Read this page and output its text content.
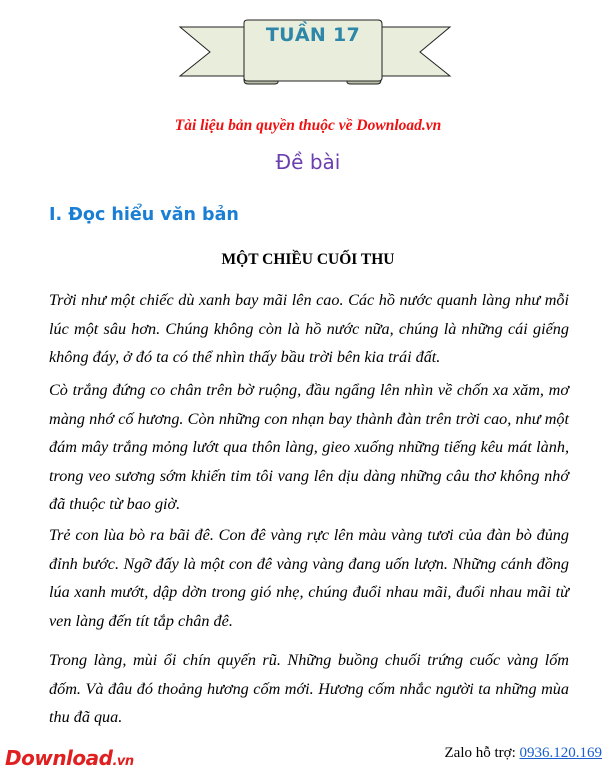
TUẦN 17
Tài liệu bản quyền thuộc về Download.vn
Đề bài
I. Đọc hiểu văn bản
MỘT CHIỀU CUỐI THU
Trời như một chiếc dù xanh bay mãi lên cao. Các hồ nước quanh làng như mỗi lúc một sâu hơn. Chúng không còn là hồ nước nữa, chúng là những cái giếng không đáy, ở đó ta có thể nhìn thấy bầu trời bên kia trái đất.
Cò trắng đứng co chân trên bờ ruộng, đầu ngẩng lên nhìn về chốn xa xăm, mơ màng nhớ cố hương. Còn những con nhạn bay thành đàn trên trời cao, như một đám mây trắng mỏng lướt qua thôn làng, gieo xuống những tiếng kêu mát lành, trong veo sương sớm khiến tim tôi vang lên dịu dàng những câu thơ không nhớ đã thuộc từ bao giờ.
Trẻ con lùa bò ra bãi đê. Con đê vàng rực lên màu vàng tươi của đàn bò đủng đỉnh bước. Ngỡ đấy là một con đê vàng vàng đang uốn lượn. Những cánh đồng lúa xanh mướt, dập dờn trong gió nhẹ, chúng đuổi nhau mãi, đuổi nhau mãi từ ven làng đến tít tắp chân đê.
Trong làng, mùi ổi chín quyến rũ. Những buồng chuối trứng cuốc vàng lốm đốm. Và đâu đó thoảng hương cốm mới. Hương cốm nhắc người ta những mùa thu đã qua.
Download.vn
Zalo hỗ trợ: 0936.120.169
